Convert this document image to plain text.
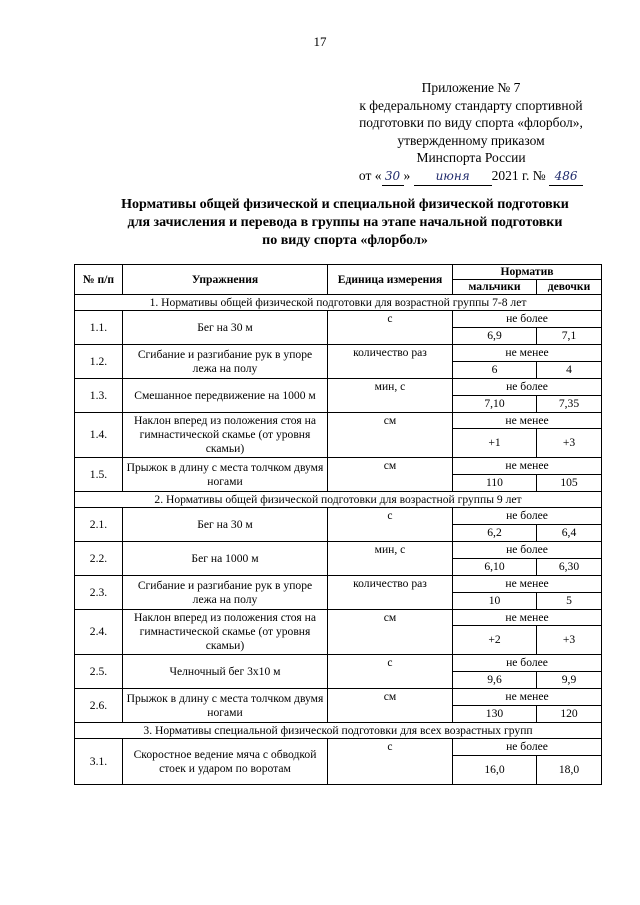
17
Приложение № 7
к федеральному стандарту спортивной
подготовки по виду спорта «флорбол»,
утвержденному приказом
Минспорта России
от « 30 » июня 2021 г. № 486
Нормативы общей физической и специальной физической подготовки
для зачисления и перевода в группы на этапе начальной подготовки
по виду спорта «флорбол»
№ п/п	Упражнения	Единица измерения	Норматив	
			мальчики	девочки
1. Нормативы общей физической подготовки для возрастной группы 7-8 лет				
1.1.	Бег на 30 м	с	не более	
			6,9	7,1
1.2.	Сгибание и разгибание рук в упоре лежа на полу	количество раз	не менее	
			6	4
1.3.	Смешанное передвижение на 1000 м	мин, с	не более	
			7,10	7,35
1.4.	Наклон вперед из положения стоя на гимнастической скамье (от уровня скамьи)	см	не менее	
			+1	+3
1.5.	Прыжок в длину с места толчком двумя ногами	см	не менее	
			110	105
2. Нормативы общей физической подготовки для возрастной группы 9 лет				
2.1.	Бег на 30 м	с	не более	
			6,2	6,4
2.2.	Бег на 1000 м	мин, с	не более	
			6,10	6,30
2.3.	Сгибание и разгибание рук в упоре лежа на полу	количество раз	не менее	
			10	5
2.4.	Наклон вперед из положения стоя на гимнастической скамье (от уровня скамьи)	см	не менее	
			+2	+3
2.5.	Челночный бег 3х10 м	с	не более	
			9,6	9,9
2.6.	Прыжок в длину с места толчком двумя ногами	см	не менее	
			130	120
3. Нормативы специальной физической подготовки для всех возрастных групп				
3.1.	Скоростное ведение мяча с обводкой стоек и ударом по воротам	с	не более	
			16,0	18,0
